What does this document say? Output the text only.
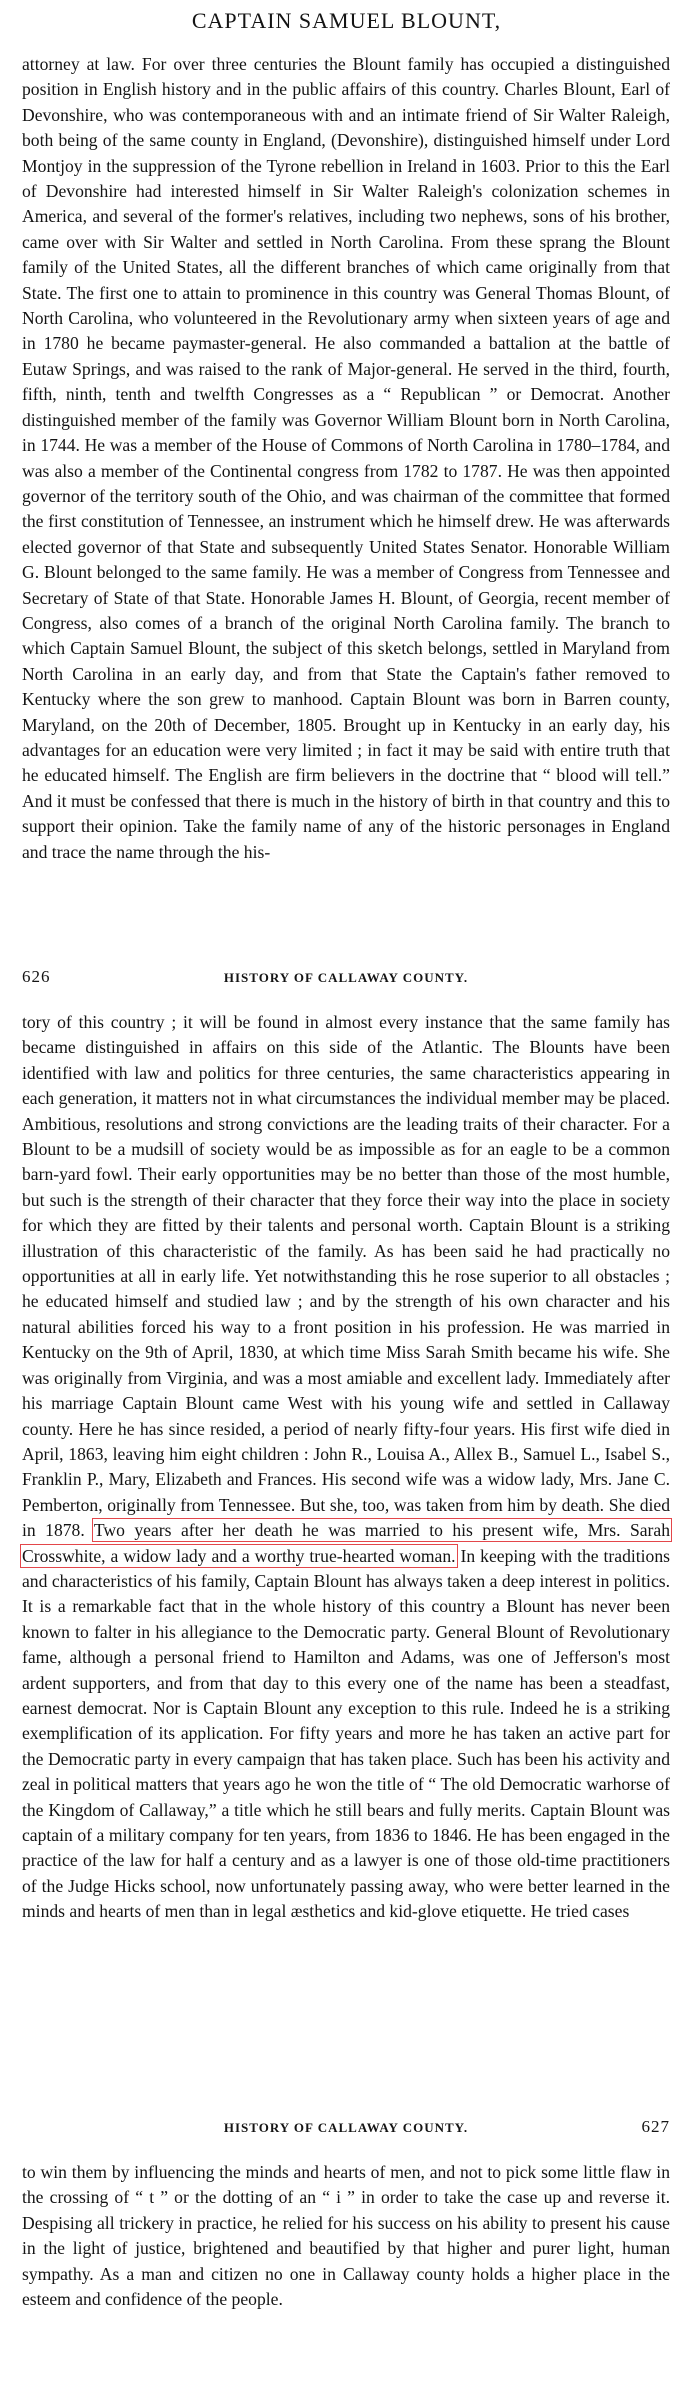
CAPTAIN SAMUEL BLOUNT,

attorney at law. For over three centuries the Blount family has occupied a distinguished position in English history and in the public affairs of this country. Charles Blount, Earl of Devonshire, who was contemporaneous with and an intimate friend of Sir Walter Raleigh, both being of the same county in England, (Devonshire), distinguished himself under Lord Montjoy in the suppression of the Tyrone rebellion in Ireland in 1603. Prior to this the Earl of Devonshire had interested himself in Sir Walter Raleigh's colonization schemes in America, and several of the former's relatives, including two nephews, sons of his brother, came over with Sir Walter and settled in North Carolina. From these sprang the Blount family of the United States, all the different branches of which came originally from that State. The first one to attain to prominence in this country was General Thomas Blount, of North Carolina, who volunteered in the Revolutionary army when sixteen years of age and in 1780 he became paymaster-general. He also commanded a battalion at the battle of Eutaw Springs, and was raised to the rank of Major-general. He served in the third, fourth, fifth, ninth, tenth and twelfth Congresses as a “ Republican ” or Democrat. Another distinguished member of the family was Governor William Blount born in North Carolina, in 1744. He was a member of the House of Commons of North Carolina in 1780–1784, and was also a member of the Continental congress from 1782 to 1787. He was then appointed governor of the territory south of the Ohio, and was chairman of the committee that formed the first constitution of Tennessee, an instrument which he himself drew. He was afterwards elected governor of that State and subsequently United States Senator. Honorable William G. Blount belonged to the same family. He was a member of Congress from Tennessee and Secretary of State of that State. Honorable James H. Blount, of Georgia, recent member of Congress, also comes of a branch of the original North Carolina family. The branch to which Captain Samuel Blount, the subject of this sketch belongs, settled in Maryland from North Carolina in an early day, and from that State the Captain's father removed to Kentucky where the son grew to manhood. Captain Blount was born in Barren county, Maryland, on the 20th of December, 1805. Brought up in Kentucky in an early day, his advantages for an education were very limited ; in fact it may be said with entire truth that he educated himself. The English are firm believers in the doctrine that “ blood will tell.” And it must be confessed that there is much in the history of birth in that country and this to support their opinion. Take the family name of any of the historic personages in England and trace the name through the his-

626	HISTORY OF CALLAWAY COUNTY.

tory of this country ; it will be found in almost every instance that the same family has became distinguished in affairs on this side of the Atlantic. The Blounts have been identified with law and politics for three centuries, the same characteristics appearing in each generation, it matters not in what circumstances the individual member may be placed. Ambitious, resolutions and strong convictions are the leading traits of their character. For a Blount to be a mudsill of society would be as impossible as for an eagle to be a common barn-yard fowl. Their early opportunities may be no better than those of the most humble, but such is the strength of their character that they force their way into the place in society for which they are fitted by their talents and personal worth. Captain Blount is a striking illustration of this characteristic of the family. As has been said he had practically no opportunities at all in early life. Yet notwithstanding this he rose superior to all obstacles ; he educated himself and studied law ; and by the strength of his own character and his natural abilities forced his way to a front position in his profession. He was married in Kentucky on the 9th of April, 1830, at which time Miss Sarah Smith became his wife. She was originally from Virginia, and was a most amiable and excellent lady. Immediately after his marriage Captain Blount came West with his young wife and settled in Callaway county. Here he has since resided, a period of nearly fifty-four years. His first wife died in April, 1863, leaving him eight children : John R., Louisa A., Allex B., Samuel L., Isabel S., Franklin P., Mary, Elizabeth and Frances. His second wife was a widow lady, Mrs. Jane C. Pemberton, originally from Tennessee. But she, too, was taken from him by death. She died in 1878. Two years after her death he was married to his present wife, Mrs. Sarah Crosswhite, a widow lady and a worthy true-hearted woman. In keeping with the traditions and characteristics of his family, Captain Blount has always taken a deep interest in politics. It is a remarkable fact that in the whole history of this country a Blount has never been known to falter in his allegiance to the Democratic party. General Blount of Revolutionary fame, although a personal friend to Hamilton and Adams, was one of Jefferson's most ardent supporters, and from that day to this every one of the name has been a steadfast, earnest democrat. Nor is Captain Blount any exception to this rule. Indeed he is a striking exemplification of its application. For fifty years and more he has taken an active part for the Democratic party in every campaign that has taken place. Such has been his activity and zeal in political matters that years ago he won the title of “ The old Democratic warhorse of the Kingdom of Callaway,” a title which he still bears and fully merits. Captain Blount was captain of a military company for ten years, from 1836 to 1846. He has been engaged in the practice of the law for half a century and as a lawyer is one of those old-time practitioners of the Judge Hicks school, now unfortunately passing away, who were better learned in the minds and hearts of men than in legal æsthetics and kid-glove etiquette. He tried cases

HISTORY OF CALLAWAY COUNTY.	627

to win them by influencing the minds and hearts of men, and not to pick some little flaw in the crossing of “ t ” or the dotting of an “ i ” in order to take the case up and reverse it. Despising all trickery in practice, he relied for his success on his ability to present his cause in the light of justice, brightened and beautified by that higher and purer light, human sympathy. As a man and citizen no one in Callaway county holds a higher place in the esteem and confidence of the people.
